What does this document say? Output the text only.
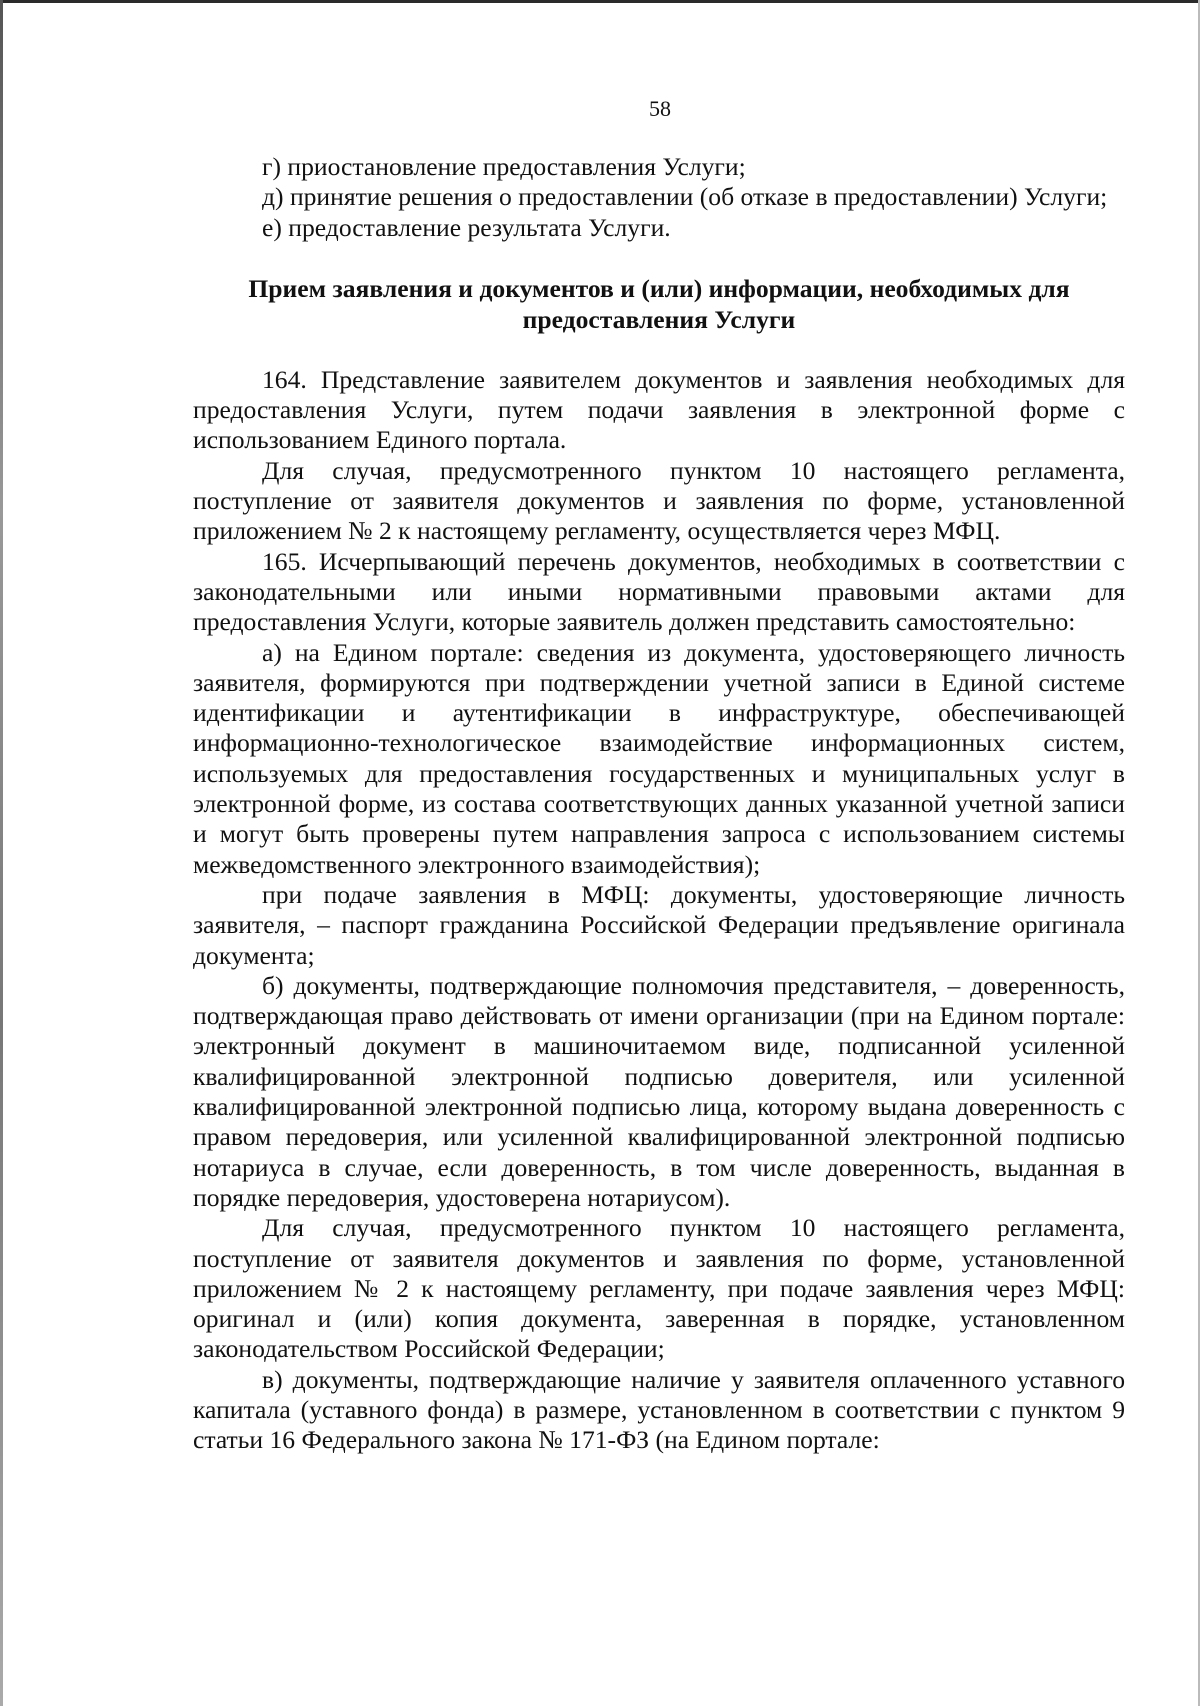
58

г) приостановление предоставления Услуги;

д) принятие решения о предоставлении (об отказе в предоставлении) Услуги;

е) предоставление результата Услуги.

Прием заявления и документов и (или) информации, необходимых для предоставления Услуги

164. Представление заявителем документов и заявления необходимых для предоставления Услуги, путем подачи заявления в электронной форме с использованием Единого портала.

Для случая, предусмотренного пунктом 10 настоящего регламента, поступление от заявителя документов и заявления по форме, установленной приложением № 2 к настоящему регламенту, осуществляется через МФЦ.

165. Исчерпывающий перечень документов, необходимых в соответствии с законодательными или иными нормативными правовыми актами для предоставления Услуги, которые заявитель должен представить самостоятельно:

а) на Едином портале: сведения из документа, удостоверяющего личность заявителя, формируются при подтверждении учетной записи в Единой системе идентификации и аутентификации в инфраструктуре, обеспечивающей информационно-технологическое взаимодействие информационных систем, используемых для предоставления государственных и муниципальных услуг в электронной форме, из состава соответствующих данных указанной учетной записи и могут быть проверены путем направления запроса с использованием системы межведомственного электронного взаимодействия);

при подаче заявления в МФЦ: документы, удостоверяющие личность заявителя, – паспорт гражданина Российской Федерации предъявление оригинала документа;

б) документы, подтверждающие полномочия представителя, – доверенность, подтверждающая право действовать от имени организации (при на Едином портале: электронный документ в машиночитаемом виде, подписанной усиленной квалифицированной электронной подписью доверителя, или усиленной квалифицированной электронной подписью лица, которому выдана доверенность с правом передоверия, или усиленной квалифицированной электронной подписью нотариуса в случае, если доверенность, в том числе доверенность, выданная в порядке передоверия, удостоверена нотариусом).

Для случая, предусмотренного пунктом 10 настоящего регламента, поступление от заявителя документов и заявления по форме, установленной приложением № 2 к настоящему регламенту, при подаче заявления через МФЦ: оригинал и (или) копия документа, заверенная в порядке, установленном законодательством Российской Федерации;

в) документы, подтверждающие наличие у заявителя оплаченного уставного капитала (уставного фонда) в размере, установленном в соответствии с пунктом 9 статьи 16 Федерального закона № 171-ФЗ (на Едином портале:
